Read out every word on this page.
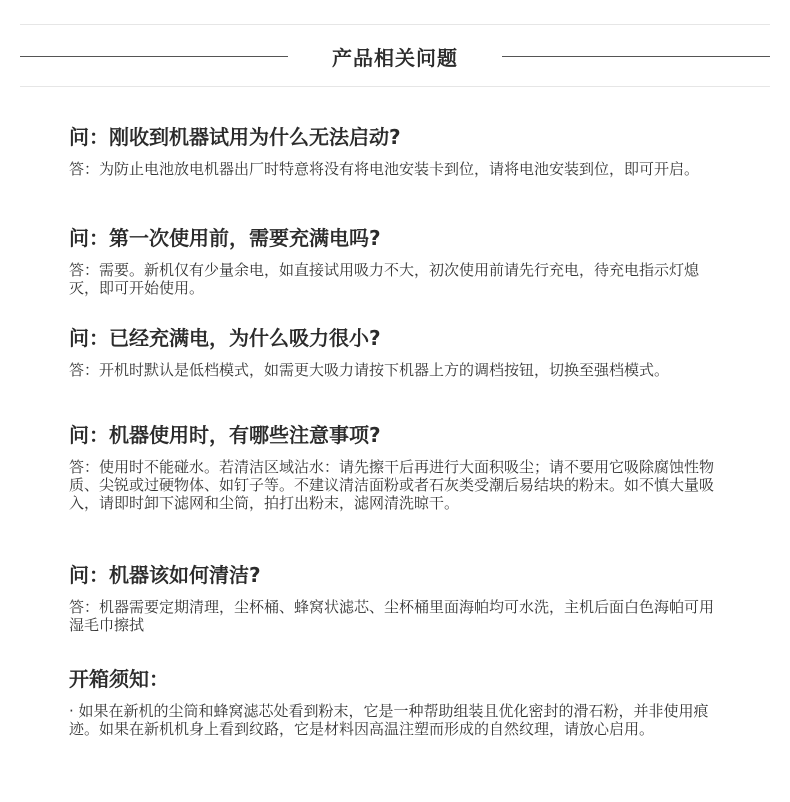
产品相关问题
问：刚收到机器试用为什么无法启动?

答：为防止电池放电机器出厂时特意将没有将电池安装卡到位，请将电池安装到位，即可开启。

问：第一次使用前，需要充满电吗?

答：需要。新机仅有少量余电，如直接试用吸力不大，初次使用前请先行充电，待充电指示灯熄灭，即可开始使用。

问：已经充满电，为什么吸力很小?

答：开机时默认是低档模式，如需更大吸力请按下机器上方的调档按钮，切换至强档模式。

问：机器使用时，有哪些注意事项?

答：使用时不能碰水。若清洁区域沾水：请先擦干后再进行大面积吸尘；请不要用它吸除腐蚀性物质、尖锐或过硬物体、如钉子等。不建议清洁面粉或者石灰类受潮后易结块的粉末。如不慎大量吸入，请即时卸下滤网和尘筒，拍打出粉末，滤网清洗晾干。

问：机器该如何清洁?

答：机器需要定期清理，尘杯桶、蜂窝状滤芯、尘杯桶里面海帕均可水洗，主机后面白色海帕可用湿毛巾擦拭

开箱须知：

· 如果在新机的尘筒和蜂窝滤芯处看到粉末，它是一种帮助组装且优化密封的滑石粉，并非使用痕迹。如果在新机机身上看到纹路，它是材料因高温注塑而形成的自然纹理，请放心启用。
